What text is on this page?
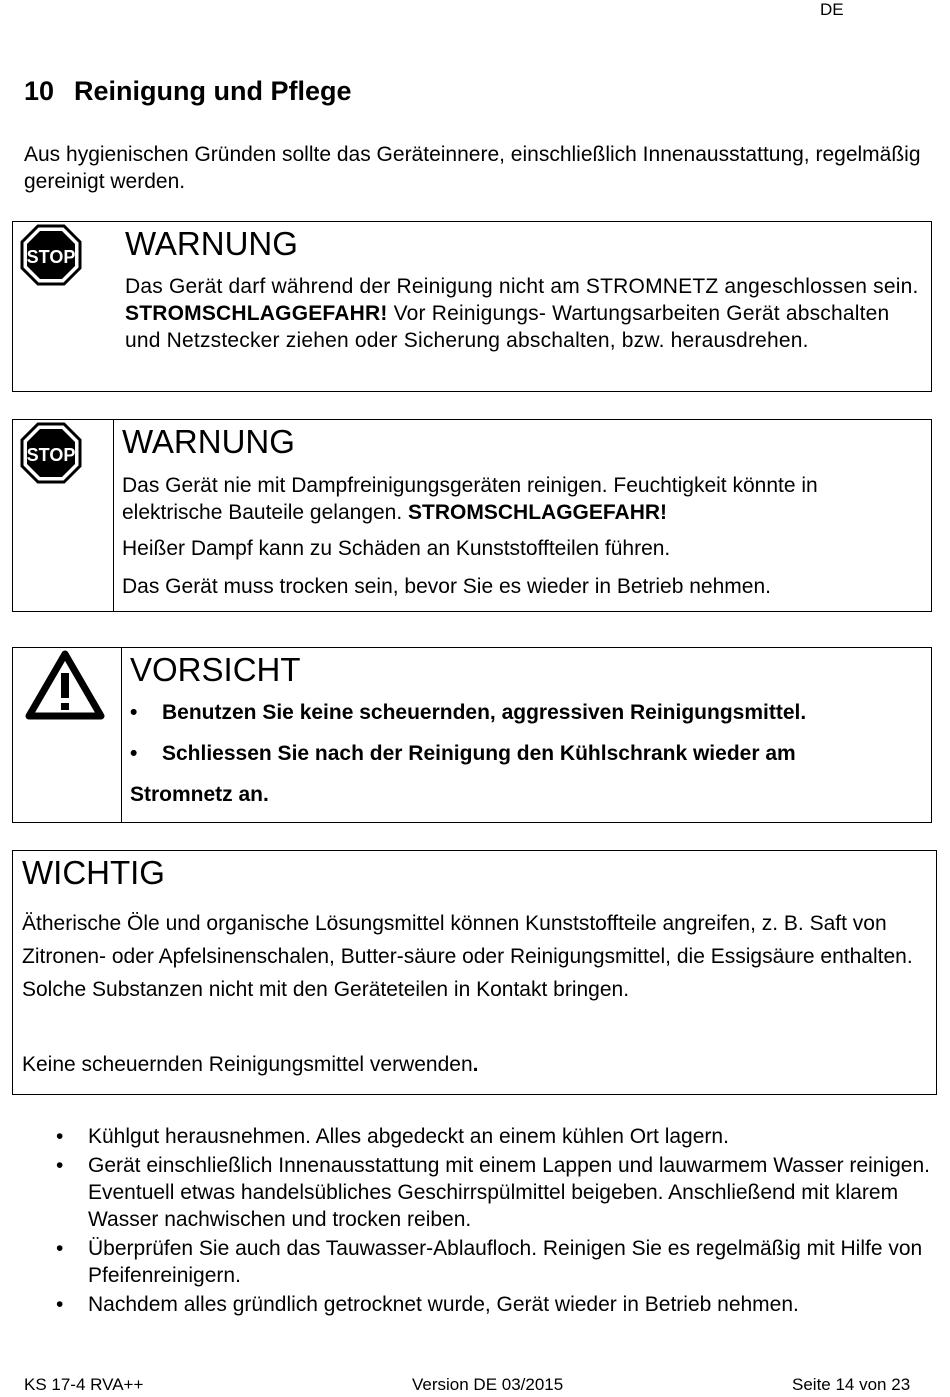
DE
10 Reinigung und Pflege
Aus hygienischen Gründen sollte das Geräteinnere, einschließlich Innenausstattung, regelmäßig gereinigt werden.
STOP WARNUNG
Das Gerät darf während der Reinigung nicht am STROMNETZ angeschlossen sein. STROMSCHLAGGEFAHR! Vor Reinigungs- Wartungsarbeiten Gerät abschalten und Netzstecker ziehen oder Sicherung abschalten, bzw. herausdrehen.
STOP WARNUNG
Das Gerät nie mit Dampfreinigungsgeräten reinigen. Feuchtigkeit könnte in elektrische Bauteile gelangen. STROMSCHLAGGEFAHR!
Heißer Dampf kann zu Schäden an Kunststoffteilen führen.
Das Gerät muss trocken sein, bevor Sie es wieder in Betrieb nehmen.
VORSICHT
• Benutzen Sie keine scheuernden, aggressiven Reinigungsmittel.
• Schliessen Sie nach der Reinigung den Kühlschrank wieder am
Stromnetz an.
WICHTIG
Ätherische Öle und organische Lösungsmittel können Kunststoffteile angreifen, z. B. Saft von Zitronen- oder Apfelsinenschalen, Butter-säure oder Reinigungsmittel, die Essigsäure enthalten. Solche Substanzen nicht mit den Geräteteilen in Kontakt bringen.
Keine scheuernden Reinigungsmittel verwenden.
• Kühlgut herausnehmen. Alles abgedeckt an einem kühlen Ort lagern.
• Gerät einschließlich Innenausstattung mit einem Lappen und lauwarmem Wasser reinigen. Eventuell etwas handelsübliches Geschirrspülmittel beigeben. Anschließend mit klarem Wasser nachwischen und trocken reiben.
• Überprüfen Sie auch das Tauwasser-Ablaufloch. Reinigen Sie es regelmäßig mit Hilfe von Pfeifenreinigern.
• Nachdem alles gründlich getrocknet wurde, Gerät wieder in Betrieb nehmen.
KS 17-4 RVA++	Version DE 03/2015	Seite 14 von 23
